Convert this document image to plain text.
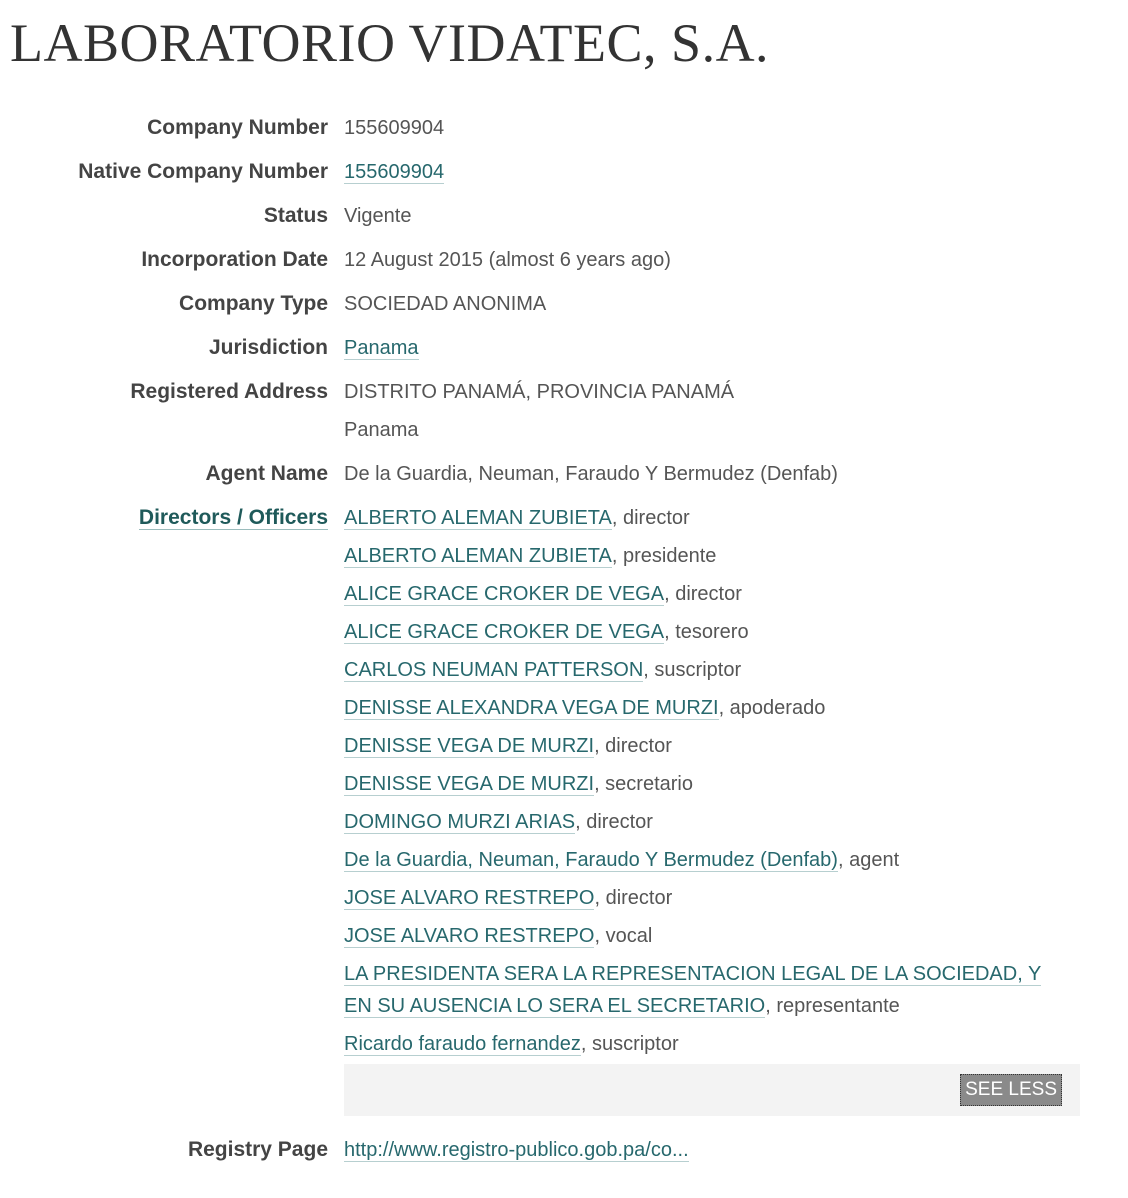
LABORATORIO VIDATEC, S.A.
Company Number 155609904
Native Company Number 155609904
Status Vigente
Incorporation Date 12 August 2015 (almost 6 years ago)
Company Type SOCIEDAD ANONIMA
Jurisdiction Panama
Registered Address DISTRITO PANAMÁ, PROVINCIA PANAMÁ
Panama
Agent Name De la Guardia, Neuman, Faraudo Y Bermudez (Denfab)
Directors / Officers ALBERTO ALEMAN ZUBIETA, director
ALBERTO ALEMAN ZUBIETA, presidente
ALICE GRACE CROKER DE VEGA, director
ALICE GRACE CROKER DE VEGA, tesorero
CARLOS NEUMAN PATTERSON, suscriptor
DENISSE ALEXANDRA VEGA DE MURZI, apoderado
DENISSE VEGA DE MURZI, director
DENISSE VEGA DE MURZI, secretario
DOMINGO MURZI ARIAS, director
De la Guardia, Neuman, Faraudo Y Bermudez (Denfab), agent
JOSE ALVARO RESTREPO, director
JOSE ALVARO RESTREPO, vocal
LA PRESIDENTA SERA LA REPRESENTACION LEGAL DE LA SOCIEDAD, Y EN SU AUSENCIA LO SERA EL SECRETARIO, representante
Ricardo faraudo fernandez, suscriptor
SEE LESS
Registry Page http://www.registro-publico.gob.pa/co...
